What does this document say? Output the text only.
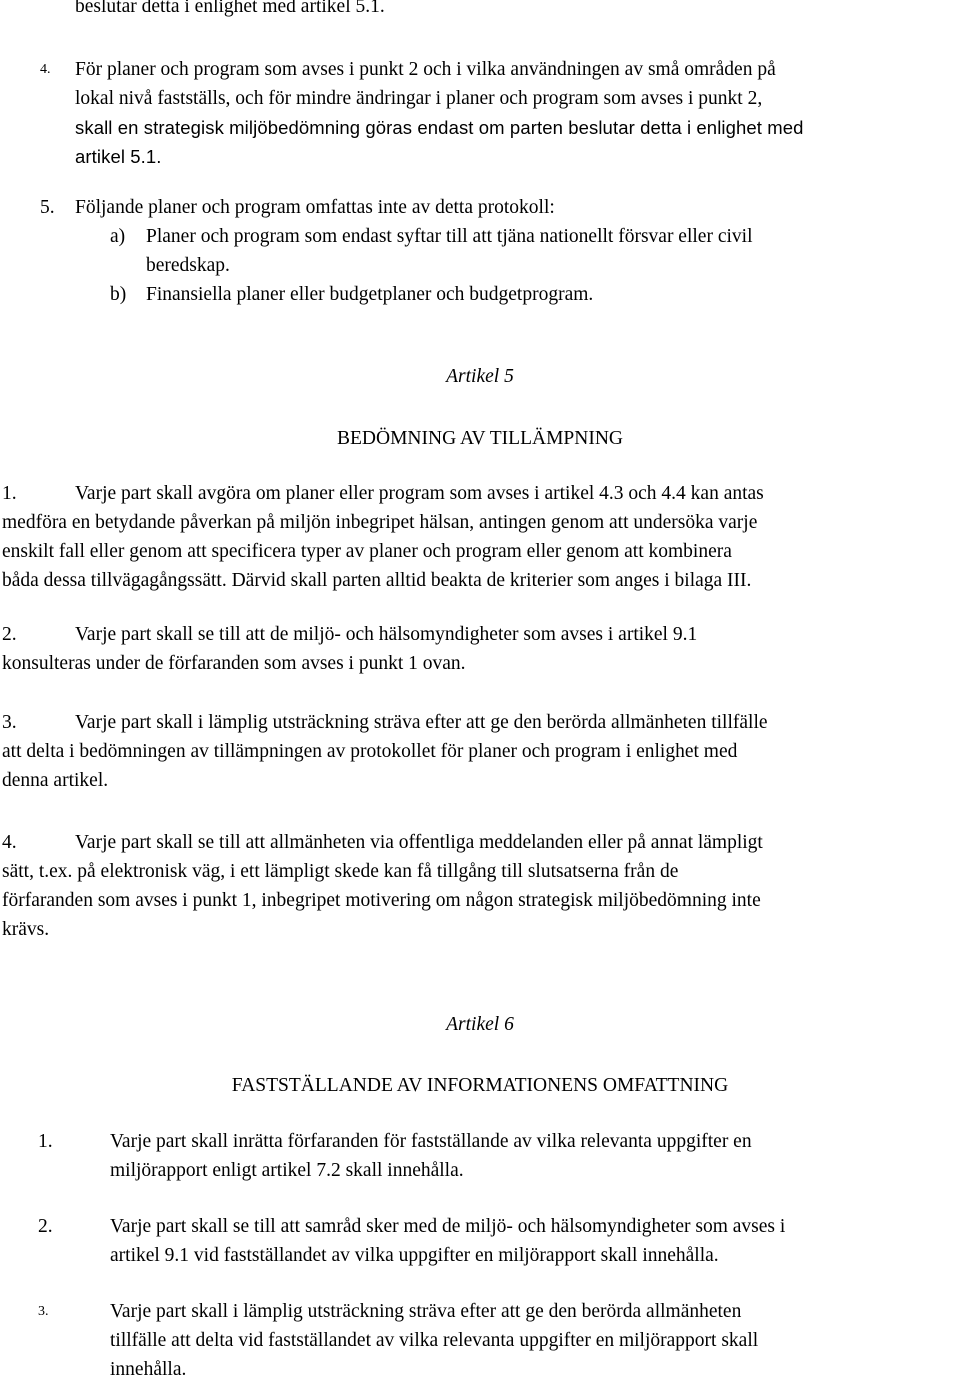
beslutar detta i enlighet med artikel 5.1.
4. För planer och program som avses i punkt 2 och i vilka användningen av små områden på
lokal nivå fastställs, och för mindre ändringar i planer och program som avses i punkt 2,
skall en strategisk miljöbedömning göras endast om parten beslutar detta i enlighet med
artikel 5.1.
5. Följande planer och program omfattas inte av detta protokoll:
a) Planer och program som endast syftar till att tjäna nationellt försvar eller civil
beredskap.
b) Finansiella planer eller budgetplaner och budgetprogram.
Artikel 5
BEDÖMNING AV TILLÄMPNING
1.	Varje part skall avgöra om planer eller program som avses i artikel 4.3 och 4.4 kan antas
medföra en betydande påverkan på miljön inbegripet hälsan, antingen genom att undersöka varje
enskilt fall eller genom att specificera typer av planer och program eller genom att kombinera
båda dessa tillvägagångssätt. Därvid skall parten alltid beakta de kriterier som anges i bilaga III.
2.	Varje part skall se till att de miljö- och hälsomyndigheter som avses i artikel 9.1
konsulteras under de förfaranden som avses i punkt 1 ovan.
3.	Varje part skall i lämplig utsträckning sträva efter att ge den berörda allmänheten tillfälle
att delta i bedömningen av tillämpningen av protokollet för planer och program i enlighet med
denna artikel.
4.	Varje part skall se till att allmänheten via offentliga meddelanden eller på annat lämpligt
sätt, t.ex. på elektronisk väg, i ett lämpligt skede kan få tillgång till slutsatserna från de
förfaranden som avses i punkt 1, inbegripet motivering om någon strategisk miljöbedömning inte
krävs.
Artikel 6
FASTSTÄLLANDE AV INFORMATIONENS OMFATTNING
1.	Varje part skall inrätta förfaranden för fastställande av vilka relevanta uppgifter en
miljörapport enligt artikel 7.2 skall innehålla.
2.	Varje part skall se till att samråd sker med de miljö- och hälsomyndigheter som avses i
artikel 9.1 vid fastställandet av vilka uppgifter en miljörapport skall innehålla.
3.	Varje part skall i lämplig utsträckning sträva efter att ge den berörda allmänheten
tillfälle att delta vid fastställandet av vilka relevanta uppgifter en miljörapport skall
innehålla.
